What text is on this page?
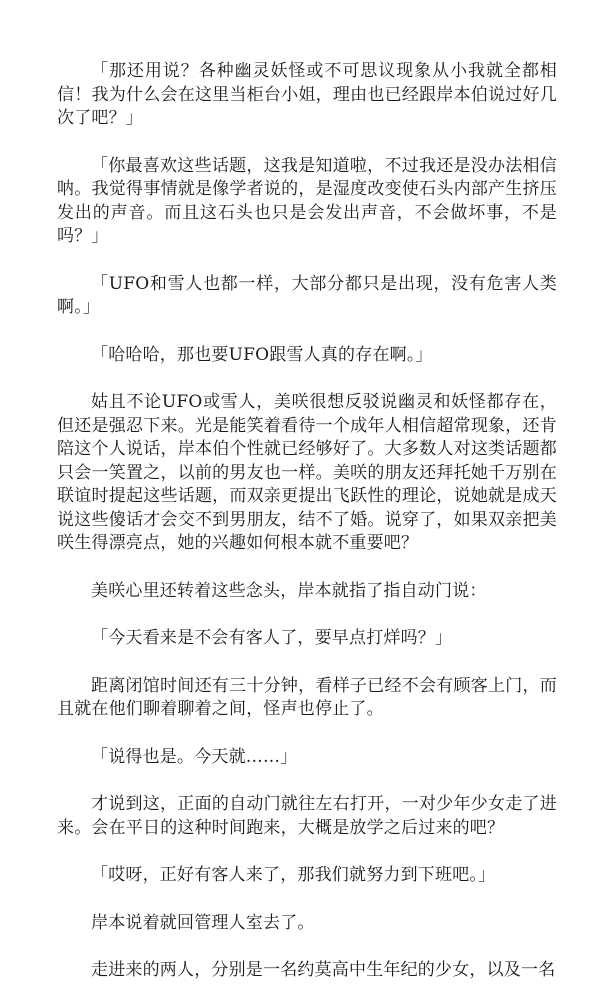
「那还用说？各种幽灵妖怪或不可思议现象从小我就全都相信！我为什么会在这里当柜台小姐，理由也已经跟岸本伯说过好几次了吧？」

「你最喜欢这些话题，这我是知道啦，不过我还是没办法相信呐。我觉得事情就是像学者说的，是湿度改变使石头内部产生挤压发出的声音。而且这石头也只是会发出声音，不会做坏事，不是吗？」

「UFO和雪人也都一样，大部分都只是出现，没有危害人类啊。」

「哈哈哈，那也要UFO跟雪人真的存在啊。」

姑且不论UFO或雪人，美咲很想反驳说幽灵和妖怪都存在，但还是强忍下来。光是能笑着看待一个成年人相信超常现象，还肯陪这个人说话，岸本伯个性就已经够好了。大多数人对这类话题都只会一笑置之，以前的男友也一样。美咲的朋友还拜托她千万别在联谊时提起这些话题，而双亲更提出飞跃性的理论，说她就是成天说这些傻话才会交不到男朋友，结不了婚。说穿了，如果双亲把美咲生得漂亮点，她的兴趣如何根本就不重要吧？

美咲心里还转着这些念头，岸本就指了指自动门说：

「今天看来是不会有客人了，要早点打烊吗？」

距离闭馆时间还有三十分钟，看样子已经不会有顾客上门，而且就在他们聊着聊着之间，怪声也停止了。

「说得也是。今天就……」

才说到这，正面的自动门就往左右打开，一对少年少女走了进来。会在平日的这种时间跑来，大概是放学之后过来的吧？

「哎呀，正好有客人来了，那我们就努力到下班吧。」

岸本说着就回管理人室去了。

走进来的两人，分别是一名约莫高中生年纪的少女，以及一名
